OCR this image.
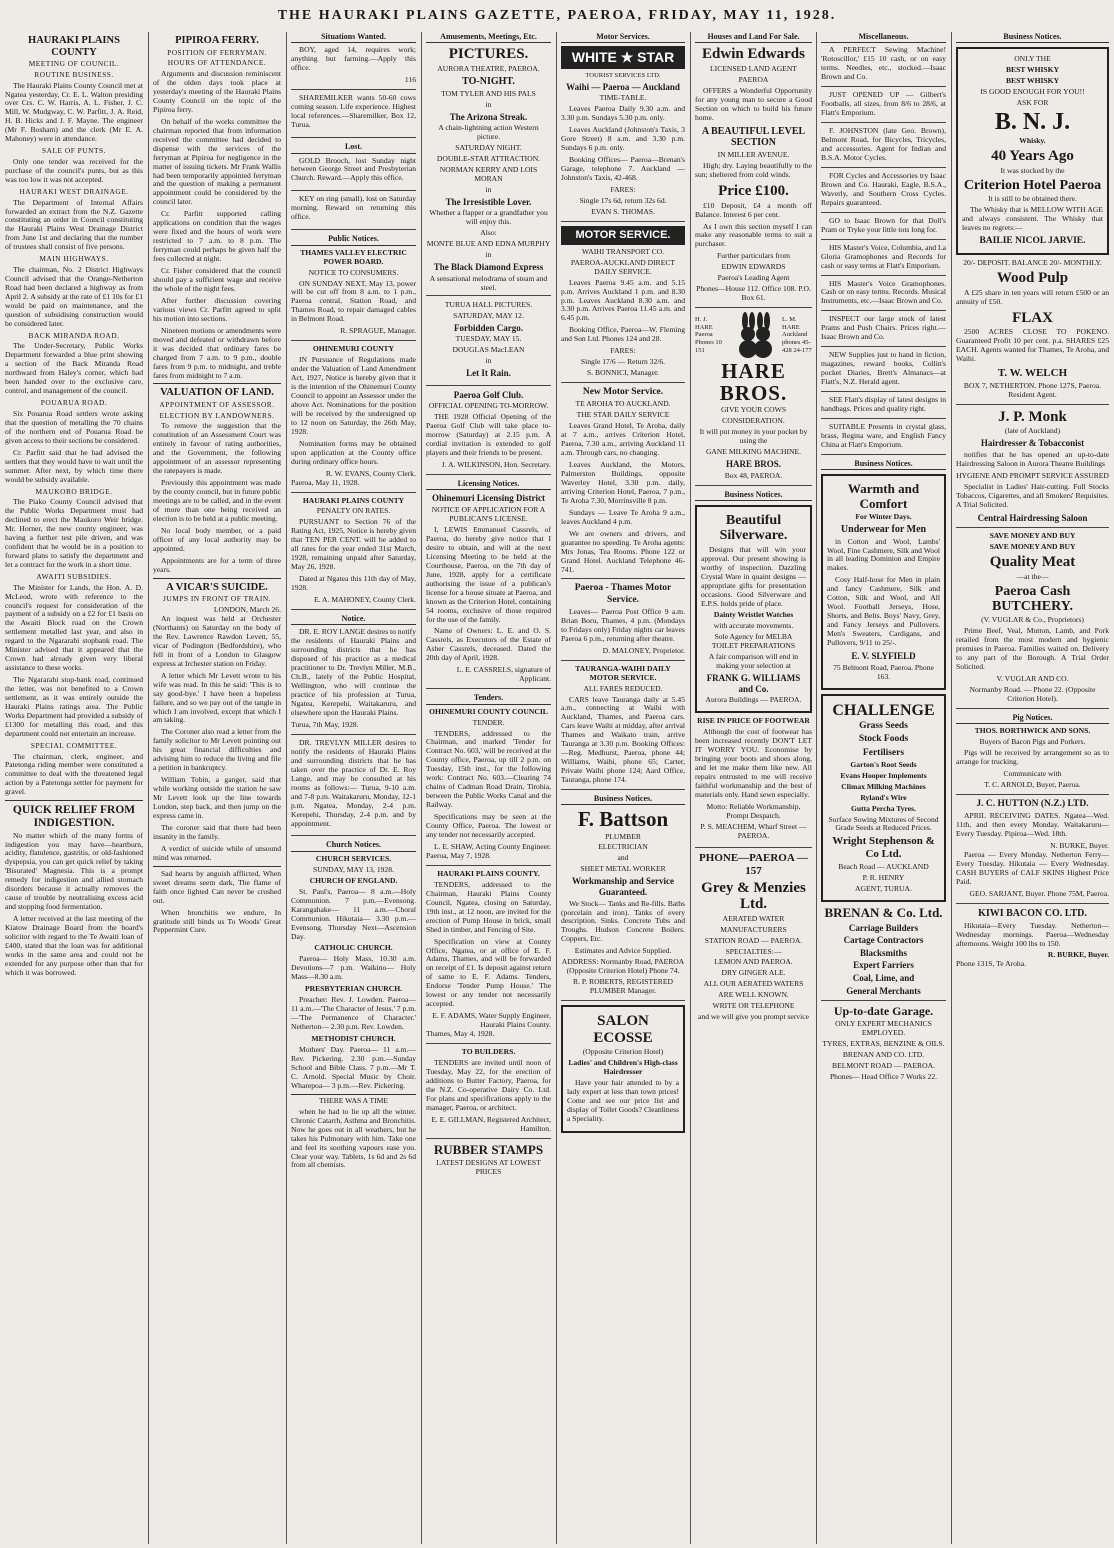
THE HAURAKI PLAINS GAZETTE, PAEROA, FRIDAY, MAY 11, 1928.
HAURAKI PLAINS COUNTY
MEETING OF COUNCIL.
ROUTINE BUSINESS.

The Hauraki Plains County Council met at Ngatea yesterday, Cr. E. L. Walton presiding over Crs. C. W. Harris, A. L. Fisher, J. C. Mill, W. Mudgway, C. W. Parfitt, J. A. Reid, H. B. Hicks and J. F. Mayne. The engineer (Mr F. Bosham) and the clerk (Mr E. A. Mahoney) were in attendance.

SALE OF PUNTS.

Only one tender was received for the purchase of the council's punts, but as this was too low it was not accepted.

HAURAKI WEST DRAINAGE.

The Department of Internal Affairs forwarded an extract from the N.Z. Gazette constituting an order in Council constituting the Hauraki Plains West Drainage District from June 1st and declaring that the number of trustees shall consist of five persons.

MAIN HIGHWAYS.

The chairman, No. 2 District Highways Council advised that the Orange-Netherton Road had been declared a highway as from April 2. A subsidy at the rate of £1 10s for £1 would be paid on maintenance, and the question of subsidising construction would be considered later.

BACK MIRANDA ROAD.

The Under-Secretary, Public Works Department forwarded a blue print showing a section of the Back Miranda Road northward from Haley's corner, which had been handed over to the exclusive care, control, and management of the council.

POUARUA ROAD.

Six Pouarua Road settlers wrote asking that the question of metalling the 70 chains of the northern end of Pouarua Road be given access to their sections be considered.

Cr. Parfitt said that he had advised the settlers that they would have to wait until the summer. After next, by which time there would be subsidy available.

MAUKORO BRIDGE.

The Piako County Council advised that the Public Works Department must had declined to erect the Maukoro Weir bridge. Mr. Horner, the new county engineer, was having a further test pile driven, and was confident that he would be in a position to forward plans to satisfy the department and let a contract for the work in a short time.

AWAITI SUBSIDIES.

The Minister for Lands, the Hon. A. D. McLeod, wrote with reference to the council's request for consideration of the payment of a subsidy on a £2 for £1 basis on the Awaiti Block road on the Crown settlement metalled last year, and also in regard to the Ngararahi stopbank road. The Minister advised that it appeared that the Crown had already given very liberal assistance to these works.

The Ngararahi stop-bank road, continued the letter, was not benefited to a Crown settlement, as it was entirely outside the Hauraki Plains ratings area. The Public Works Department had provided a subsidy of £1300 for metalling this road, and this department could not entertain an increase.

SPECIAL COMMITTEE.

The chairman, clerk, engineer, and Patetonga riding member were constituted a committee to deal with the threatened legal action by a Patetonga settler for payment for gravel.

QUICK RELIEF FROM INDIGESTION.

No matter which of the many forms of indigestion you may have—heartburn, acidity, flatulence, gastritis, or old-fashioned dyspepsia, you can get quick relief by taking 'Bisurated' Magnesia. This is a prompt remedy for indigestion and allied stomach disorders because it actually removes the cause of trouble by neutralising excess acid and stopping food fermentation.

A letter received at the last meeting of the Kiatow Drainage Board from the board's solicitor with regard to the Te Awaiti loan of £400, stated that the loan was for additional works in the same area and could not be extended for any purpose other than that for which it was borrowed.

PIPIROA FERRY.
POSITION OF FERRYMAN.
HOURS OF ATTENDANCE.

Arguments and discussion reminiscent of the olden days took place at yesterday's meeting of the Hauraki Plains County Council on the topic of the Pipiroa ferry.

On behalf of the works committee the chairman reported that from information received the committee had decided to dispense with the services of the ferryman at Pipiroa for negligence in the matter of issuing tickets. Mr Frank Wallis had been temporarily appointed ferryman and the question of making a permanent appointment could be considered by the council later.

Cr. Parfitt supported calling applications on condition that the wages were fixed and the hours of work were restricted to 7 a.m. to 8 p.m. The ferryman could perhaps be given half the fees collected at night.

Cr. Fisher considered that the council should pay a sufficient wage and receive the whole of the night fees.

After further discussion covering various views Cr. Parfitt agreed to split his motion into sections.

Nineteen motions or amendments were moved and defeated or withdrawn before it was decided that ordinary fares be charged from 7 a.m. to 9 p.m., double fares from 9 p.m. to midnight, and treble fares from midnight to 7 a.m.

VALUATION OF LAND.
APPOINTMENT OF ASSESSOR.
ELECTION BY LANDOWNERS.

To remove the suggestion that the constitution of an Assessment Court was entirely in favour of rating authorities, and the Government, the following appointment of an assessor representing the ratepayers is made.

Previously this appointment was made by the county council, but in future public meetings are to be called, and in the event of more than one being received an election is to be held at a public meeting.

No local body member, or a paid officer of any local authority may be appointed.

Appointments are for a term of three years.

A VICAR'S SUICIDE.
JUMPS IN FRONT OF TRAIN.
LONDON, March 26.

An inquest was held at Orchester (Northants) on Saturday on the body of the Rev. Lawrence Rawdon Levett, 55, vicar of Podington (Bedfordshire), who fell in front of a London to Glasgow express at Irchester station on Friday.

A letter which Mr Levett wrote to his wife was read. In this he said: 'This is to say good-bye.' I have been a hopeless failure, and so we pay out of the tangle in which I am involved, except that which I am taking.

The Coroner also read a letter from the family solicitor to Mr Levett pointing out his great financial difficulties and advising him to reduce the living and file a petition in bankruptcy.

William Tobin, a ganger, said that while working outside the station he saw Mr Levett look up the line towards London, step back, and then jump on the express came in.

The coroner said that there had been insanity in the family.

A verdict of suicide while of unsound mind was returned.

Sad hearts by anguish afflicted, When sweet dreams seem dark, The flame of faith once lighted Can never be crushed out.

When bronchitis we endure, In gratitude still binds us To Woods' Great Peppermint Cure.

Situations Wanted.

BOY, aged 14, requires work; anything but farming.—Apply this office.

116

SHAREMILKER wants 50-60 cows coming season. Life experience. Highest local references.—Sharemilker, Box 12, Turua.

Lost.

GOLD Brooch, lost Sunday night between George Street and Presbyterian Church. Reward.—Apply this office.

KEY on ring (small), lost on Saturday morning. Reward on returning this office.

Public Notices.
THAMES VALLEY ELECTRIC POWER BOARD.
NOTICE TO CONSUMERS.

ON SUNDAY NEXT, May 13, power will be cut off from 8 a.m. to 1 p.m., Paeroa central, Station Road, and Thames Road, to repair damaged cables in Belmont Road.

R. SPRAGUE, Manager.
OHINEMURI COUNTY

IN Pursuance of Regulations made under the Valuation of Land Amendment Act, 1927, Notice is hereby given that it is the intention of the Ohinemuri County Council to appoint an Assessor under the above Act. Nominations for the position will be received by the undersigned up to 12 noon on Saturday, the 26th May, 1928.

Nomination forms may be obtained upon application at the County office during ordinary office hours.

R. W. EVANS, County Clerk.
Paeroa, May 11, 1928.
HAURAKI PLAINS COUNTY
PENALTY ON RATES.

PURSUANT to Section 76 of the Rating Act, 1925, Notice is hereby given that TEN PER CENT. will be added to all rates for the year ended 31st March, 1928, remaining unpaid after Saturday, May 26, 1928.

Dated at Ngatea this 11th day of May, 1928.

E. A. MAHONEY, County Clerk.
Notice.

DR. E. ROY LANGE desires to notify the residents of Hauraki Plains and surrounding districts that he has disposed of his practice as a medical practitioner to Dr. Trevlyn Miller, M.B., Ch.B., lately of the Public Hospital, Wellington, who will continue the practice of his profession at Turua, Ngatea, Kerepehi, Waitakaruru, and elsewhere upon the Hauraki Plains.

Turua, 7th May, 1928.

DR. TREVLYN MILLER desires to notify the residents of Hauraki Plains and surrounding districts that he has taken over the practice of Dr. E. Roy Lange, and may be consulted at his rooms as follows:— Turua, 9-10 a.m. and 7-8 p.m. Waitakaruru, Monday, 12-1 p.m. Ngatea, Monday, 2-4 p.m. Kerepehi, Thursday, 2-4 p.m. and by appointment.

Church Notices.
CHURCH SERVICES.
SUNDAY, MAY 13, 1928.
CHURCH OF ENGLAND.

St. Paul's, Paeroa— 8 a.m.—Holy Communion. 7 p.m.—Evensong. Karangahake— 11 a.m.—Choral Communion. Hikutaia— 3.30 p.m.—Evensong. Thursday Next—Ascension Day.

CATHOLIC CHURCH.

Paeroa— Holy Mass, 10.30 a.m. Devotions—7 p.m. Waikino— Holy Mass—8.30 a.m.

PRESBYTERIAN CHURCH.

Preacher: Rev. J. Lowden. Paeroa— 11 a.m.—'The Character of Jesus.' 7 p.m.—'The Permanence of Character.' Netherton— 2.30 p.m. Rev. Lowden.

METHODIST CHURCH.

Mothers' Day. Paeroa— 11 a.m.—Rev. Pickering. 2.30 p.m.—Sunday School and Bible Class. 7 p.m.—Mr T. C. Arnold. Special Music by Choir. Wharepoa— 3 p.m.—Rev. Pickering.

THERE WAS A TIME

when he had to lie up all the winter. Chronic Catarrh, Asthma and Bronchitis. Now he goes out in all weathers, but he takes his Pulmonary with him. Take one and feel its soothing vapours ease you. Clear your way. Tablets, 1s 6d and 2s 6d from all chemists.

Amusements, Meetings, Etc.
PICTURES.
AURORA THEATRE, PAEROA.
TO-NIGHT.
TOM TYLER AND HIS PALS
in
The Arizona Streak.
A chain-lightning action Western picture.
SATURDAY NIGHT.
DOUBLE-STAR ATTRACTION.
NORMAN KERRY AND LOIS MORAN
in
The Irresistible Lover.
Whether a flapper or a grandfather you will enjoy this.
Also:
MONTE BLUE AND EDNA MURPHY
in
The Black Diamond Express
A sensational melodrama of steam and steel.
TURUA HALL PICTURES.
SATURDAY, MAY 12.
Forbidden Cargo.
TUESDAY, MAY 15.
DOUGLAS MacLEAN
in
Let It Rain.
Paeroa Golf Club.
OFFICIAL OPENING TO-MORROW.

THE 1928 Official Opening of the Paeroa Golf Club will take place to-morrow (Saturday) at 2.15 p.m. A cordial invitation is extended to golf players and their friends to be present.

J. A. WILKINSON, Hon. Secretary.
Licensing Notices.
Ohinemuri Licensing District
NOTICE OF APPLICATION FOR A PUBLICAN'S LICENSE.

I, LEWIS Emmanuel Cassrels, of Paeroa, do hereby give notice that I desire to obtain, and will at the next Licensing Meeting to be held at the Courthouse, Paeroa, on the 7th day of June, 1928, apply for a certificate authorising the issue of a publican's license for a house situate at Paeroa, and known as the Criterion Hotel, containing 54 rooms, exclusive of those required for the use of the family.

Name of Owners: L. E. and O. S. Cassrels, as Executors of the Estate of Asher Cassrels, deceased. Dated the 20th day of April, 1928.

L. E. CASSRELS, signature of Applicant.
Tenders.
OHINEMURI COUNTY COUNCIL
TENDER.

TENDERS, addressed to the Chairman, and marked 'Tender for Contract No. 603,' will be received at the County office, Paeroa, up till 2 p.m. on Tuesday, 15th inst., for the following work: Contract No. 603.—Clearing 74 chains of Cadman Road Drain, Tirohia, between the Public Works Canal and the Railway.

Specifications may be seen at the County Office, Paeroa. The lowest or any tender not necessarily accepted.

L. E. SHAW, Acting County Engineer.
Paeroa, May 7, 1928.
HAURAKI PLAINS COUNTY.

TENDERS, addressed to the Chairman, Hauraki Plains County Council, Ngatea, closing on Saturday, 19th inst., at 12 noon, are invited for the erection of Pump House in brick, small Shed in timber, and Fencing of Site.

Specification on view at County Office, Ngatea, or at office of E. F. Adams, Thames, and will be forwarded on receipt of £1. Is deposit against return of same to E. F. Adams. Tenders, Endorse 'Tender Pump House.' The lowest or any tender not necessarily accepted.

E. F. ADAMS, Water Supply Engineer, Hauraki Plains County.
Thames, May 4, 1928.
TO BUILDERS.

TENDERS are invited until noon of Tuesday, May 22, for the erection of additions to Butter Factory, Paeroa, for the N.Z. Co-operative Dairy Co. Ltd. For plans and specifications apply to the manager, Paeroa, or architect.

E. E. GILLMAN, Registered Architect, Hamilton.
RUBBER STAMPS
LATEST DESIGNS AT LOWEST PRICES
Motor Services.
WHITE ★ STAR
TOURIST SERVICES LTD.
Waihi — Paeroa — Auckland
TIME-TABLE.

Leaves Paeroa Daily 9.30 a.m. and 3.30 p.m. Sundays 5.30 p.m. only.

Leaves Auckland (Johnston's Taxis, 3 Gore Street) 8 a.m. and 3.30 p.m. Sundays 6 p.m. only.

Booking Offices— Paeroa—Brenan's Garage, telephone 7. Auckland — Johnston's Taxis, 42-468.

FARES:
Single 17s 6d, return 32s 6d.
EVAN S. THOMAS.
MOTOR SERVICE.
WAIHI TRANSPORT CO.
PAEROA-AUCKLAND DIRECT DAILY SERVICE.

Leaves Paeroa 9.45 a.m. and 5.15 p.m. Arrives Auckland 1 p.m. and 8.30 p.m. Leaves Auckland 8.30 a.m. and 3.30 p.m. Arrives Paeroa 11.45 a.m. and 6.45 p.m.

Booking Office, Paeroa—W. Fleming and Son Ltd. Phones 124 and 28.

FARES:
Single 17/6 — Return 32/6.
S. BONNICI, Manager.
New Motor Service.
TE AROHA TO AUCKLAND.
THE STAR DAILY SERVICE

Leaves Grand Hotel, Te Aroha, daily at 7 a.m., arrives Criterion Hotel, Paeroa, 7.30 a.m., arriving Auckland 11 a.m. Through cars, no changing.

Leaves Auckland, the Motors, Palmerston Buildings, opposite Waverley Hotel, 3.30 p.m. daily, arriving Criterion Hotel, Paeroa, 7 p.m., Te Aroha 7.30, Morrinsville 8 p.m.

Sundays — Leave Te Aroha 9 a.m., leaves Auckland 4 p.m.

We are owners and drivers, and guarantee no speeding. Te Aroha agents: Mrs Jonas, Tea Rooms. Phone 122 or Grand Hotel. Auckland Telephone 46-741.

Paeroa - Thames Motor Service.

Leaves— Paeroa Post Office 9 a.m. Brian Boru, Thames, 4 p.m. (Mondays to Fridays only) Friday nights car leaves Paeroa 6 p.m., returning after theatre.

D. MALONEY, Proprietor.
TAURANGA-WAIHI DAILY MOTOR SERVICE.
ALL FARES REDUCED.

CARS leave Tauranga daily at 5.45 a.m., connecting at Waihi with Auckland, Thames, and Paeroa cars. Cars leave Waihi at midday, after arrival Thames and Waikato train, arrive Tauranga at 3.30 p.m. Booking Offices:—Reg. Medhurst, Paeroa, phone 44; Williams, Waihi, phone 65; Carter, Private Waihi phone 124; Aard Office, Tauranga, phone 174.

Business Notices.
F. Battson
PLUMBER
ELECTRICIAN
and
SHEET METAL WORKER
Workmanship and Service Guaranteed.

We Stock— Tanks and Re-fills. Baths (porcelain and iron). Tanks of every description. Sinks. Concrete Tubs and Troughs. Hudson Concrete Boilers. Coppers, Etc.

Estimates and Advice Supplied.
ADDRESS: Normanby Road, PAEROA (Opposite Criterion Hotel) Phone 74.
R. P. ROBERTS, REGISTERED PLUMBER Manager.
SALON ECOSSE
(Opposite Criterion Hotel)
Ladies' and Children's High-class Hairdresser

Have your hair attended to by a lady expert at less than town prices! Come and see our price list and display of Toilet Goods? Cleanliness a Speciality.

Houses and Land For Sale.
Edwin Edwards
LICENSED LAND AGENT
PAEROA

OFFERS a Wonderful Opportunity for any young man to secure a Good Section on which to build his future home.

A BEAUTIFUL LEVEL SECTION
IN MILLER AVENUE.

High; dry. Laying beautifully to the sun; sheltered from cold winds.

Price £100.

£10 Deposit, £4 a month off Balance. Interest 6 per cent.

As I own this section myself I can make any reasonable terms to suit a purchaser.

Further particulars from
EDWIN EDWARDS
Paeroa's Leading Agent
Phones—House 112. Office 108. P.O. Box 61.
H. J. HARE Paeroa Phones 10 151
L. M. HARE Auckland phones 45-428 24-177
HARE BROS.
GIVE YOUR COWS
CONSIDERATION.
It will put money in your pocket by using the
GANE MILKING MACHINE.
HARE BROS.
Box 48, PAEROA.
Business Notices.
Beautiful Silverware.

Designs that will win your approval. Our present showing is worthy of inspection. Dazzling Crystal Ware in quaint designs — appropriate gifts for presentation occasions. Good Silverware and E.P.S. holds pride of place.

Dainty Wristlet Watches
with accurate movements.
Sole Agency for MELBA TOILET PREPARATIONS
A fair comparison will end in making your selection at
FRANK G. WILLIAMS and Co.
Aurora Buildings — PAEROA.
RISE IN PRICE OF FOOTWEAR

Although the cost of footwear has been increased recently DON'T LET IT WORRY YOU. Economise by bringing your boots and shoes along, and let me make them like new. All repairs entrusted to me will receive faithful workmanship and the best of materials only. Hand sewn especially.

Motto: Reliable Workmanship, Prompt Despatch.
P. S. MEACHEM, Wharf Street — PAEROA.
PHONE—PAEROA —157
Grey & Menzies Ltd.
AERATED WATER
MANUFACTURERS
STATION ROAD — PAEROA.
SPECIALTIES:—
LEMON AND PAEROA.
DRY GINGER ALE.
ALL OUR AERATED WATERS
ARE WELL KNOWN.
WRITE OR TELEPHONE
and we will give you prompt service
Miscellaneous.

A PERFECT Sewing Machine! 'Rotoscillor,' £15 10 cash, or on easy terms. Needles, etc., stocked.—Isaac Brown and Co.

JUST OPENED UP — Gilbert's Footballs, all sizes, from 8/6 to 28/6, at Flatt's Emporium.

F. JOHNSTON (late Geo. Brown), Belmont Road, for Bicycles, Tricycles, and accessories. Agent for Indian and B.S.A. Motor Cycles.

FOR Cycles and Accessories try Isaac Brown and Co. Hauraki, Eagle, B.S.A., Waverly, and Southern Cross Cycles. Repairs guaranteed.

GO to Isaac Brown for that Doll's Pram or Tryke your little tots long for.

HIS Master's Voice, Columbia, and La Gloria Gramophones and Records for cash or easy terms at Flatt's Emporium.

HIS Master's Voice Gramophones. Cash or on easy terms. Records. Musical Instruments, etc.—Isaac Brown and Co.

INSPECT our large stock of latest Prams and Push Chairs. Prices right.—Isaac Brown and Co.

NEW Supplies just to hand in fiction, magazines, reward books, Collin's pocket Diaries, Brett's Almanacs—at Flatt's, N.Z. Herald agent.

SEE Flatt's display of latest designs in handbags. Prices and quality right.

SUITABLE Presents in crystal glass, brass, Regina ware, and English Fancy China at Flatt's Emporium.

Business Notices.
Warmth and Comfort
For Winter Days.
Underwear for Men

in Cotton and Wool, Lambs' Wool, Fine Cashmere, Silk and Wool in all leading Dominion and Empire makes.

Cosy Half-hose for Men in plain and fancy Cashmere, Silk and Cotton, Silk and Wool, and All Wool. Football Jerseys, Hose, Shorts, and Belts. Boys' Navy, Grey, and Fancy Jerseys and Pullovers. Men's Sweaters, Cardigans, and Pullovers, 9/11 to 25/-.

E. V. SLYFIELD
75 Belmont Road, Paeroa. Phone 163.
CHALLENGE
Grass Seeds
Stock Foods
Fertilisers
Garton's Root Seeds
Evans Hooper Implements
Climax Milking Machines
Ryland's Wire
Gutta Percha Tyres.
Surface Sowing Mixtures of Second Grade Seeds at Reduced Prices.
Wright Stephenson & Co Ltd.
Beach Road — AUCKLAND
P. R. HENRY
AGENT, TURUA.
BRENAN & Co. Ltd.
Carriage Builders
Cartage Contractors
Blacksmiths
Expert Farriers
Coal, Lime, and
General Merchants
Up-to-date Garage.
ONLY EXPERT MECHANICS EMPLOYED.
TYRES, EXTRAS, BENZINE & OILS.
BRENAN AND CO. LTD.
BELMONT ROAD — PAEROA.
Phones— Head Office 7 Works 22.
Business Notices.
ONLY THE
BEST WHISKY
BEST WHISKY
IS GOOD ENOUGH FOR YOU!!
ASK FOR
B. N. J.
Whisky.
40 Years Ago
It was stocked by the
Criterion Hotel Paeroa
It is still to be obtained there.

The Whisky that is MELLOW WITH AGE and always consistent. The Whisky that leaves no regrets:—

BAILIE NICOL JARVIE.
20/- DEPOSIT. BALANCE 20/- MONTHLY.
Wood Pulp

A £25 share in ten years will return £500 or an annuity of £50.

FLAX

2500 ACRES CLOSE TO POKENO. Guaranteed Profit 10 per cent. p.a. SHARES £25 EACH. Agents wanted for Thames, Te Aroha, and Waihi.

T. W. WELCH
BOX 7, NETHERTON. Phone 127S, Paeroa. Resident Agent.
J. P. Monk
(late of Auckland)
Hairdresser & Tobacconist

notifies that he has opened an up-to-date Hairdressing Saloon in Aurora Theatre Buildings

HYGIENE AND PROMPT SERVICE ASSURED

Specialist in Ladies' Hair-cutting. Full Stocks Tobaccos, Cigarettes, and all Smokers' Requisites. A Trial Solicited.

Central Hairdressing Saloon
SAVE MONEY AND BUY
SAVE MONEY AND BUY
Quality Meat
—at the—
Paeroa Cash BUTCHERY.
(V. VUGLAR & Co., Proprietors)

Prime Beef, Veal, Mutton, Lamb, and Pork retailed from the most modern and hygienic premises in Paeroa. Families waited on. Delivery to any part of the Borough. A Trial Order Solicited.

V. VUGLAR AND CO.
Normanby Road. — Phone 22. (Opposite Criterion Hotel).
Pig Notices.
THOS. BORTHWICK AND SONS.
Buyers of Bacon Pigs and Porkers.

Pigs will be received by arrangement so as to arrange for trucking.

Communicate with
T. C. ARNOLD, Buyer, Paeroa.
J. C. HUTTON (N.Z.) LTD.

APRIL RECEIVING DATES. Ngatea—Wed. 11th, and then every Monday. Waitakaruru—Every Tuesday. Pipiroa—Wed. 18th.

N. BURKE, Buyer.

Paeroa — Every Monday. Netherton Ferry—Every Tuesday. Hikutaia — Every Wednesday. CASH BUYERS of CALF SKINS Highest Price Paid.

GEO. SARJANT, Buyer. Phone 75M, Paeroa.
KIWI BACON CO. LTD.

Hikutaia—Every Tuesday. Netherton—Wednesday mornings. Paeroa—Wednesday afternoons. Weight 100 lbs to 150.

R. BURKE, Buyer.
Phone 131S, Te Aroha.
